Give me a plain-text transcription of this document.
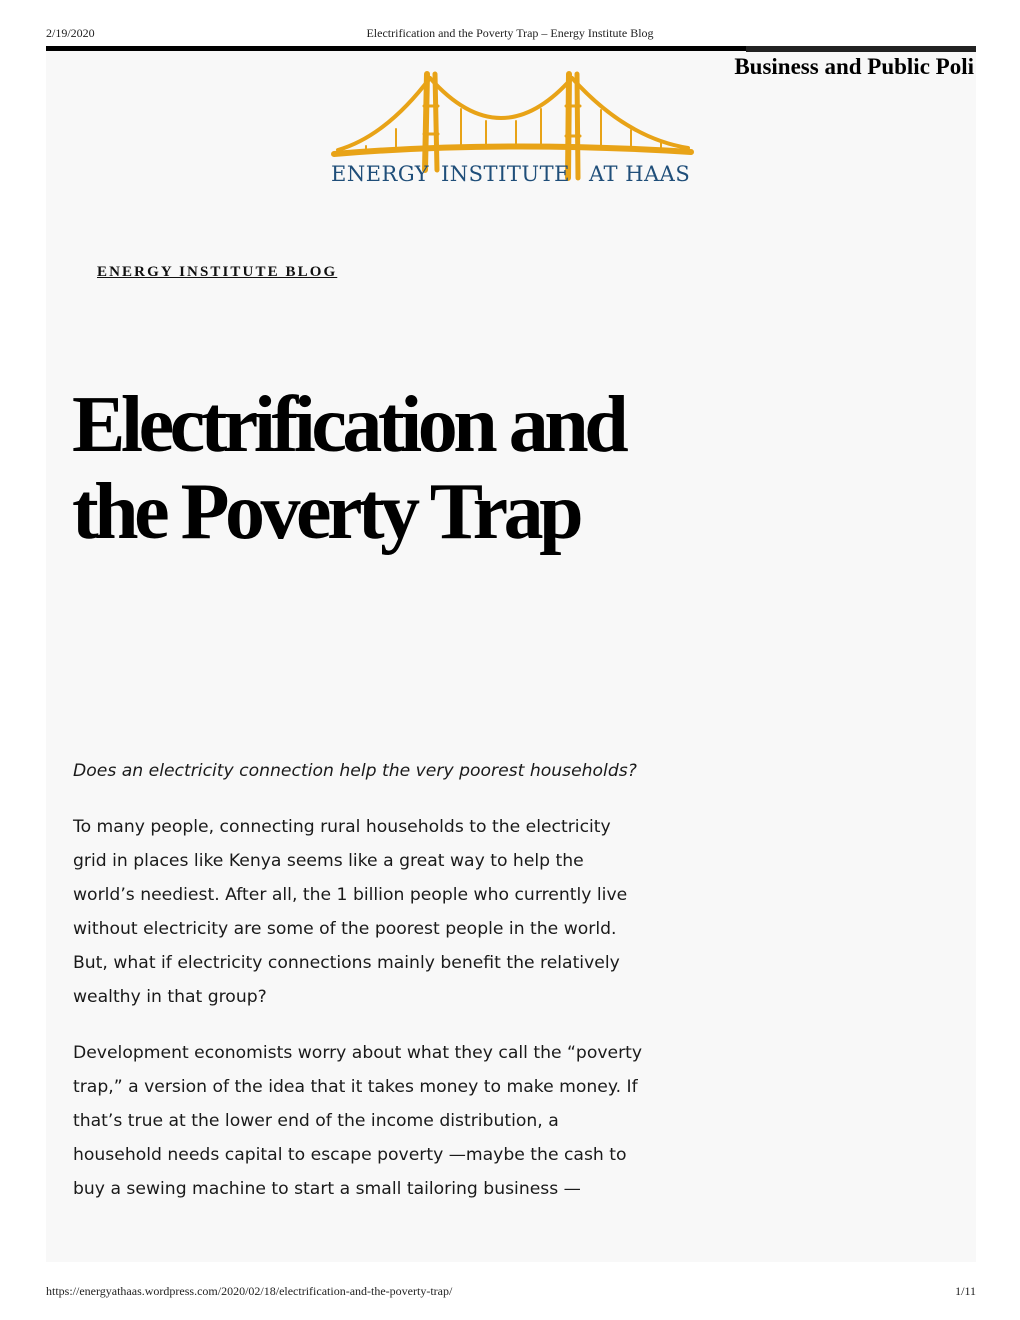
2/19/2020	Electrification and the Poverty Trap – Energy Institute Blog
Business and Public Poli
ENERGY INSTITUTE AT HAAS
ENERGY INSTITUTE BLOG
Electrification and the Poverty Trap

Does an electricity connection help the very poorest households?

To many people, connecting rural households to the electricity grid in places like Kenya seems like a great way to help the world’s neediest. After all, the 1 billion people who currently live without electricity are some of the poorest people in the world. But, what if electricity connections mainly benefit the relatively wealthy in that group?

Development economists worry about what they call the “poverty trap,” a version of the idea that it takes money to make money. If that’s true at the lower end of the income distribution, a household needs capital to escape poverty —maybe the cash to buy a sewing machine to start a small tailoring business —

https://energyathaas.wordpress.com/2020/02/18/electrification-and-the-poverty-trap/	1/11
